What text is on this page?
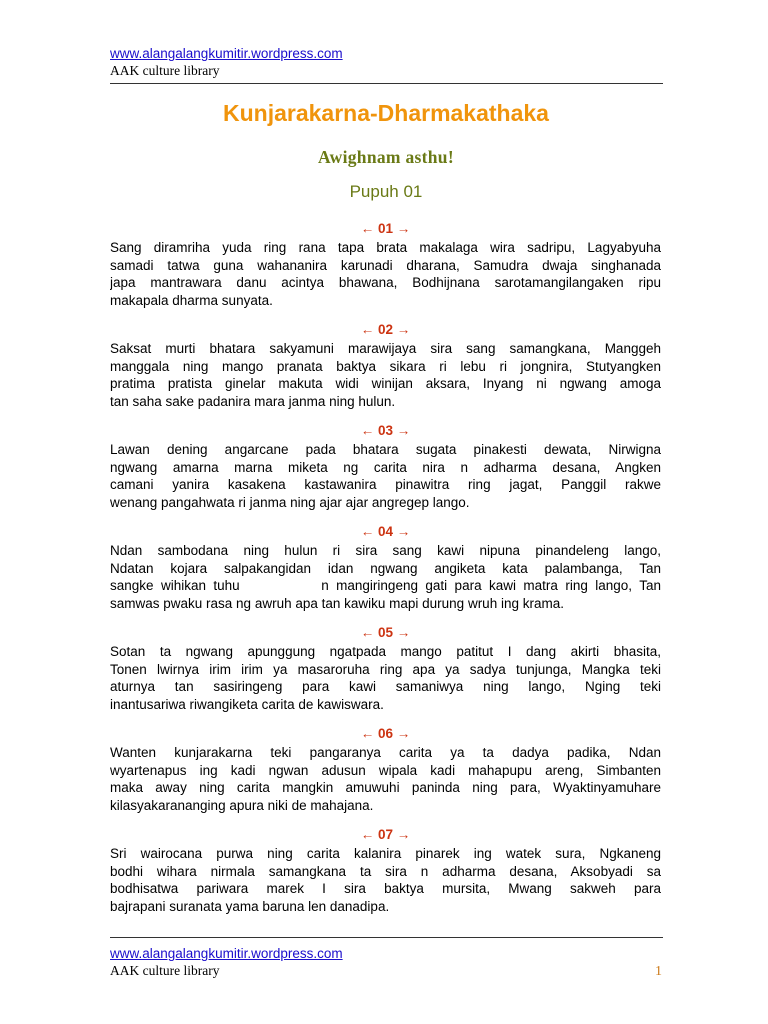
www.alangalangkumitir.wordpress.com
AAK culture library
Kunjarakarna-Dharmakathaka
Awighnam asthu!
Pupuh 01
← 01 →
Sang diramriha yuda ring rana tapa brata makalaga wira sadripu, Lagyabyuha
samadi tatwa guna wahananira karunadi dharana, Samudra dwaja singhanada
japa mantrawara danu acintya bhawana, Bodhijnana sarotamangilangaken ripu
makapala dharma sunyata.
← 02 →
Saksat murti bhatara sakyamuni marawijaya sira sang samangkana, Manggeh
manggala ning mango pranata baktya sikara ri lebu ri jongnira, Stutyangken
pratima pratista ginelar makuta widi winijan aksara, Inyang ni ngwang amoga
tan saha sake padanira mara janma ning hulun.
← 03 →
Lawan dening angarcane pada bhatara sugata pinakesti dewata, Nirwigna
ngwang amarna marna miketa ng carita nira n adharma desana, Angken
camani yanira kasakena kastawanira pinawitra ring jagat, Panggil rakwe
wenang pangahwata ri janma ning ajar ajar angregep lango.
← 04 →
Ndan sambodana ning hulun ri sira sang kawi nipuna pinandeleng lango,
Ndatan kojara salpakangidan idan ngwang angiketa kata palambanga, Tan
sangke wihikan tuhu           n mangiringeng gati para kawi matra ring lango, Tan
samwas pwaku rasa ng awruh apa tan kawiku mapi durung wruh ing krama.
← 05 →
Sotan ta ngwang apunggung ngatpada mango patitut I dang akirti bhasita,
Tonen lwirnya irim irim ya masaroruha ring apa ya sadya tunjunga, Mangka teki
aturnya tan sasiringeng para kawi samaniwya ning lango, Nging teki
inantusariwa riwangiketa carita de kawiswara.
← 06 →
Wanten kunjarakarna teki pangaranya carita ya ta dadya padika, Ndan
wyartenapus ing kadi ngwan adusun wipala kadi mahapupu areng, Simbanten
maka away ning carita mangkin amuwuhi paninda ning para, Wyaktinyamuhare
kilasyakarananging apura niki de mahajana.
← 07 →
Sri wairocana purwa ning carita kalanira pinarek ing watek sura, Ngkaneng
bodhi wihara nirmala samangkana ta sira n adharma desana, Aksobyadi sa
bodhisatwa pariwara marek I sira baktya mursita, Mwang sakweh para
bajrapani suranata yama baruna len danadipa.
www.alangalangkumitir.wordpress.com
AAK culture library	1
